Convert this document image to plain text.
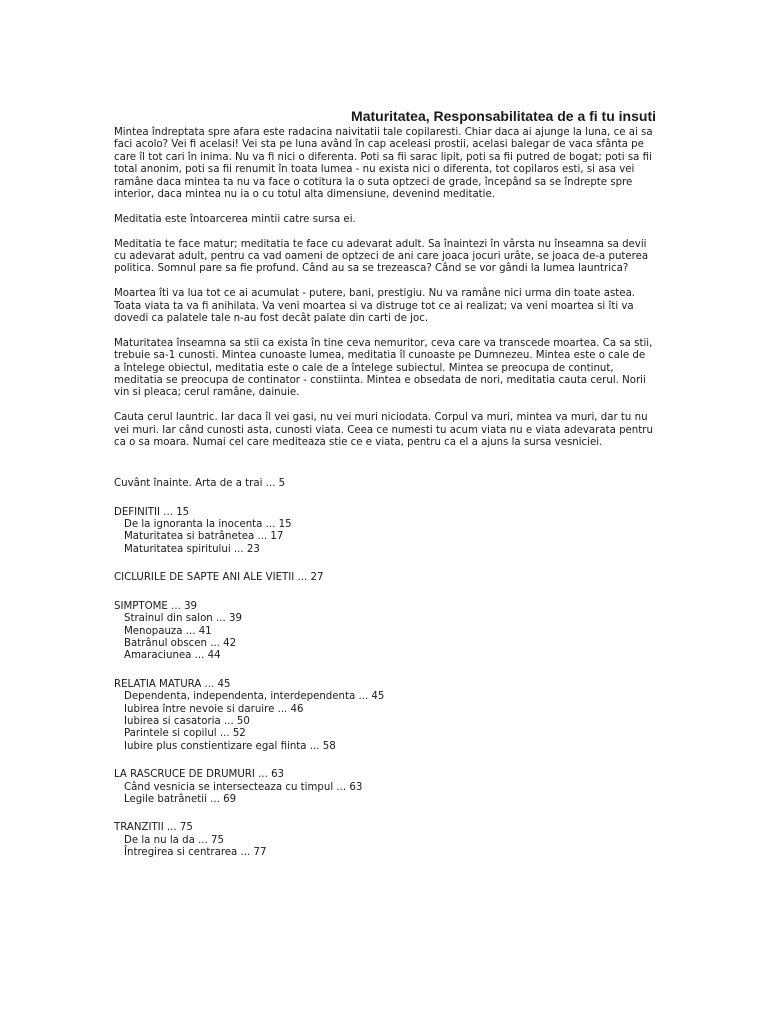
Maturitatea, Responsabilitatea de a fi tu insuti

Mintea îndreptata spre afara este radacina naivitatii tale copilaresti. Chiar daca ai ajunge la luna, ce ai sa faci acolo? Vei fi acelasi! Vei sta pe luna având în cap aceleasi prostii, acelasi balegar de vaca sfânta pe care îl tot cari în inima. Nu va fi nici o diferenta. Poti sa fii sarac lipit, poti sa fii putred de bogat; poti sa fii total anonim, poti sa fii renumit în toata lumea - nu exista nici o diferenta, tot copilaros esti, si asa vei ramâne daca mintea ta nu va face o cotitura la o suta optzeci de grade, începând sa se îndrepte spre interior, daca mintea nu ia o cu totul alta dimensiune, devenind meditatie.

Meditatia este întoarcerea mintii catre sursa ei.

Meditatia te face matur; meditatia te face cu adevarat adult. Sa înaintezi în vârsta nu înseamna sa devii cu adevarat adult, pentru ca vad oameni de optzeci de ani care joaca jocuri urâte, se joaca de-a puterea politica. Somnul pare sa fie profund. Când au sa se trezeasca? Când se vor gândi la lumea launtrica?

Moartea îti va lua tot ce ai acumulat - putere, bani, prestigiu. Nu va ramâne nici urma din toate astea. Toata viata ta va fi anihilata. Va veni moartea si va distruge tot ce ai realizat; va veni moartea si îti va dovedi ca palatele tale n-au fost decât palate din carti de joc.

Maturitatea înseamna sa stii ca exista în tine ceva nemuritor, ceva care va transcede moartea. Ca sa stii, trebuie sa-1 cunosti. Mintea cunoaste lumea, meditatia îl cunoaste pe Dumnezeu. Mintea este o cale de a întelege obiectul, meditatia este o cale de a întelege subiectul. Mintea se preocupa de continut, meditatia se preocupa de continator - constiinta. Mintea e obsedata de nori, meditatia cauta cerul. Norii vin si pleaca; cerul ramâne, dainuie.

Cauta cerul launtric. Iar daca îl vei gasi, nu vei muri niciodata. Corpul va muri, mintea va muri, dar tu nu vei muri. Iar când cunosti asta, cunosti viata. Ceea ce numesti tu acum viata nu e viata adevarata pentru ca o sa moara. Numai cel care mediteaza stie ce e viata, pentru ca el a ajuns la sursa vesniciei.

Cuvânt înainte. Arta de a trai ... 5
DEFINITII ... 15
De la ignoranta la inocenta ... 15
Maturitatea si batrânetea ... 17
Maturitatea spiritului ... 23
CICLURILE DE SAPTE ANI ALE VIETII ... 27
SIMPTOME ... 39
Strainul din salon ... 39
Menopauza ... 41
Batrânul obscen ... 42
Amaraciunea ... 44
RELATIA MATURA ... 45
Dependenta, independenta, interdependenta ... 45
Iubirea între nevoie si daruire ... 46
Iubirea si casatoria ... 50
Parintele si copilul ... 52
Iubire plus constientizare egal fiinta ... 58
LA RASCRUCE DE DRUMURI ... 63
Când vesnicia se intersecteaza cu timpul ... 63
Legile batrânetii ... 69
TRANZITII ... 75
De la nu la da ... 75
Întregirea si centrarea ... 77
